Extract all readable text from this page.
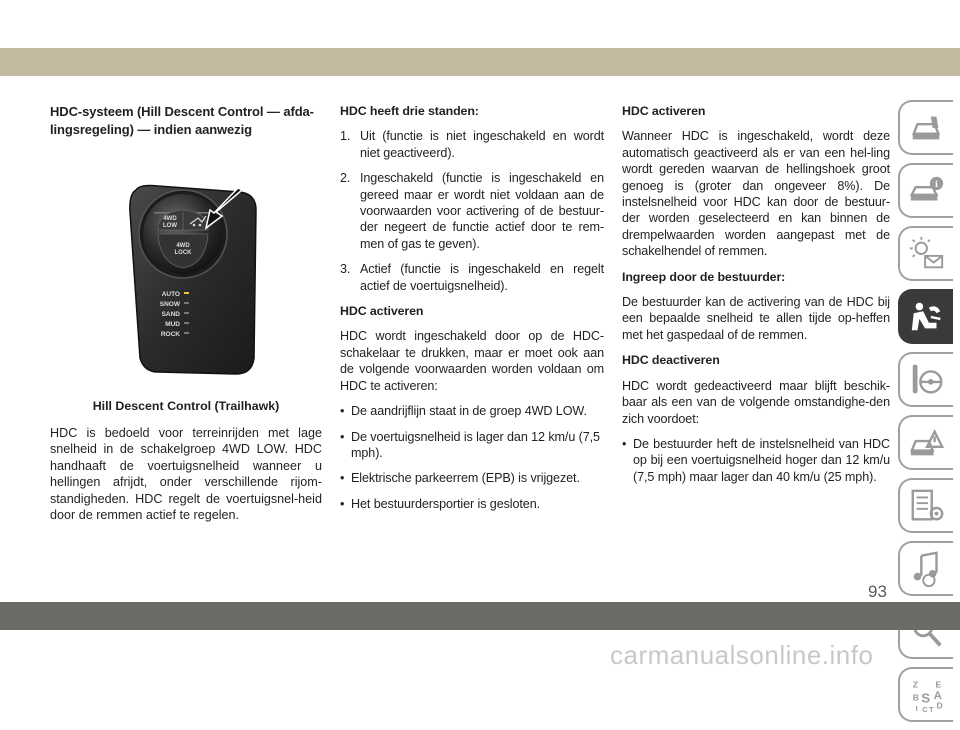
HDC-systeem (Hill Descent Control — afda-
lingsregeling) — indien aanwezig

4WD
LOW
4WD
LOCK
AUTO
SNOW
SAND
MUD
ROCK
Hill Descent Control (Trailhawk)
HDC is bedoeld voor terreinrijden met lage snelheid in de schakelgroep 4WD LOW. HDC handhaaft de voertuigsnelheid wanneer u hellingen afrijdt, onder verschillende rijom-standigheden. HDC regelt de voertuigsnel-heid door de remmen actief te regelen.

HDC heeft drie standen:

1. Uit (functie is niet ingeschakeld en wordt niet geactiveerd).
2. Ingeschakeld (functie is ingeschakeld en gereed maar er wordt niet voldaan aan de voorwaarden voor activering of de bestuur-der negeert de functie actief door te rem-men of gas te geven).
3. Actief (functie is ingeschakeld en regelt actief de voertuigsnelheid).

HDC activeren

HDC wordt ingeschakeld door op de HDC-schakelaar te drukken, maar er moet ook aan de volgende voorwaarden worden voldaan om HDC te activeren:

• De aandrijflijn staat in de groep 4WD LOW.
• De voertuigsnelheid is lager dan 12 km/u (7,5 mph).
• Elektrische parkeerrem (EPB) is vrijgezet.
• Het bestuurdersportier is gesloten.

HDC activeren

Wanneer HDC is ingeschakeld, wordt deze automatisch geactiveerd als er van een hel-ling wordt gereden waarvan de hellingshoek groot genoeg is (groter dan ongeveer 8%). De instelsnelheid voor HDC kan door de bestuur-der worden geselecteerd en kan binnen de drempelwaarden worden aangepast met de schakelhendel of remmen.

Ingreep door de bestuurder:

De bestuurder kan de activering van de HDC bij een bepaalde snelheid te allen tijde op-heffen met het gaspedaal of de remmen.

HDC deactiveren

HDC wordt gedeactiveerd maar blijft beschik-baar als een van de volgende omstandighe-den zich voordoet:

• De bestuurder heft de instelsnelheid van HDC op bij een voertuigsnelheid hoger dan 12 km/u (7,5 mph) maar lager dan 40 km/u (25 mph).
i
Z E
B S A
D
I C T
93
carmanualsonline.info
